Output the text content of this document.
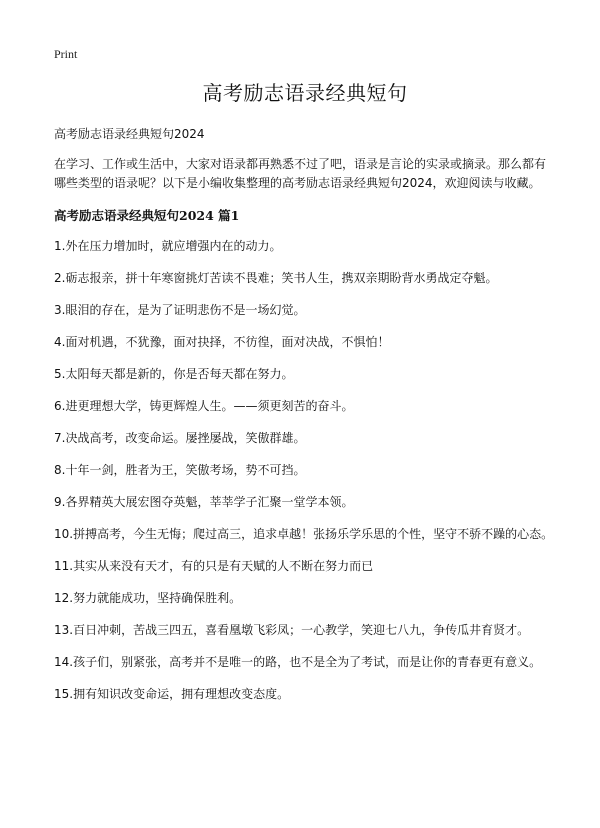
Print
高考励志语录经典短句
高考励志语录经典短句2024

在学习、工作或生活中，大家对语录都再熟悉不过了吧，语录是言论的实录或摘录。那么都有哪些类型的语录呢？以下是小编收集整理的高考励志语录经典短句2024，欢迎阅读与收藏。

高考励志语录经典短句2024 篇1
1.外在压力增加时，就应增强内在的动力。
2.砺志报亲，拼十年寒窗挑灯苦读不畏难；笑书人生，携双亲期盼背水勇战定夺魁。
3.眼泪的存在，是为了证明悲伤不是一场幻觉。
4.面对机遇，不犹豫，面对抉择，不彷徨，面对决战，不惧怕！
5.太阳每天都是新的，你是否每天都在努力。
6.进更理想大学，铸更辉煌人生。——须更刻苦的奋斗。
7.决战高考，改变命运。屡挫屡战，笑傲群雄。
8.十年一剑，胜者为王，笑傲考场，势不可挡。
9.各界精英大展宏图夺英魁，莘莘学子汇聚一堂学本领。
10.拼搏高考，今生无悔；爬过高三，追求卓越！张扬乐学乐思的个性，坚守不骄不躁的心态。
11.其实从来没有天才，有的只是有天赋的人不断在努力而已
12.努力就能成功，坚持确保胜利。
13.百日冲刺，苦战三四五，喜看凰墩飞彩凤；一心教学，笑迎七八九，争传瓜井育贤才。
14.孩子们，别紧张，高考并不是唯一的路，也不是全为了考试，而是让你的青春更有意义。
15.拥有知识改变命运，拥有理想改变态度。
